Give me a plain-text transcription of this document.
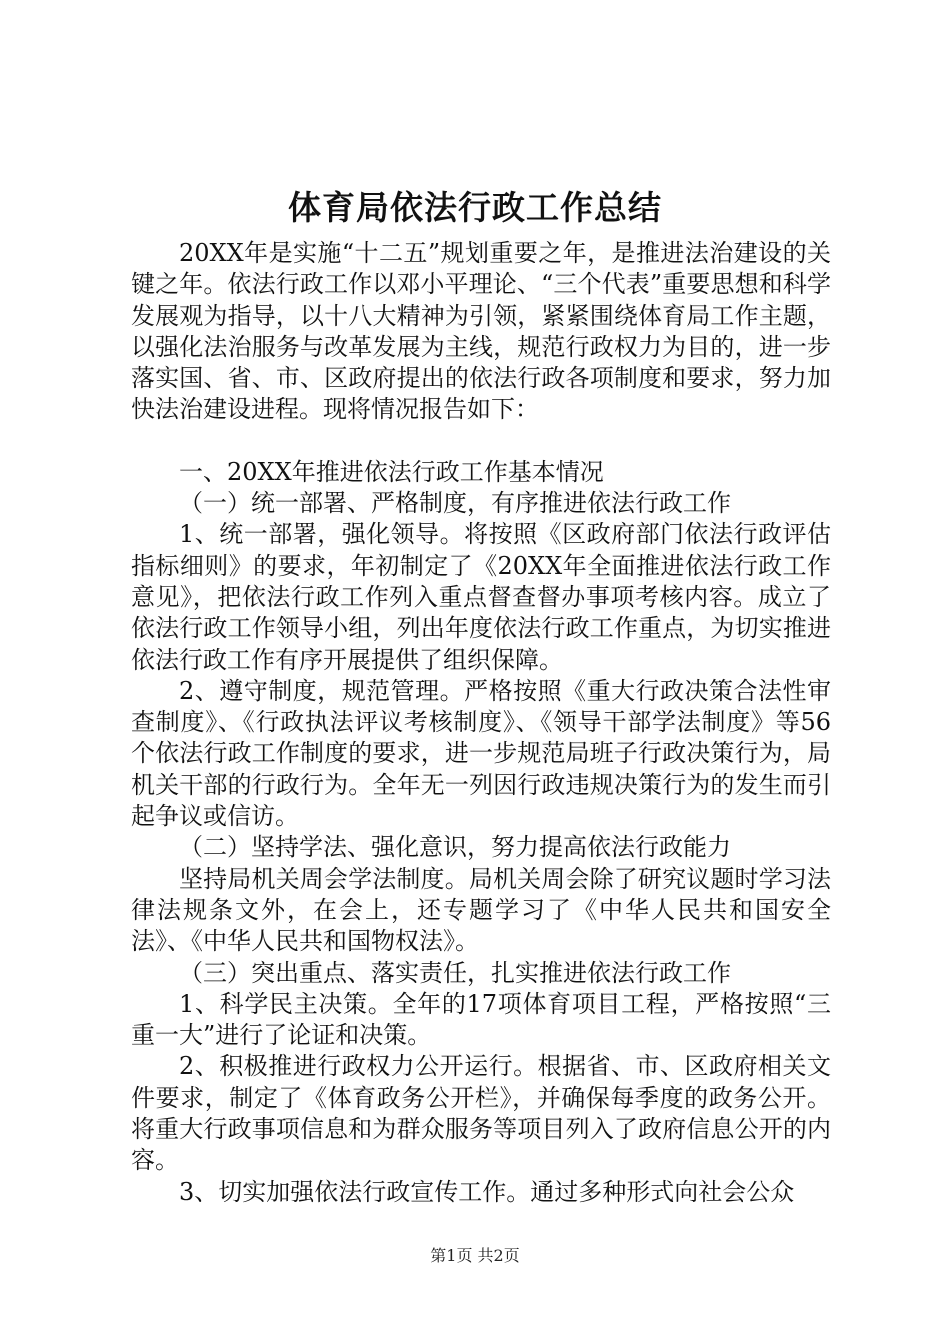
体育局依法行政工作总结

20XX年是实施“十二五”规划重要之年，是推进法治建设的关键之年。依法行政工作以邓小平理论、“三个代表”重要思想和科学发展观为指导，以十八大精神为引领，紧紧围绕体育局工作主题，以强化法治服务与改革发展为主线，规范行政权力为目的，进一步落实国、省、市、区政府提出的依法行政各项制度和要求，努力加快法治建设进程。现将情况报告如下：

一、20XX年推进依法行政工作基本情况

（一）统一部署、严格制度，有序推进依法行政工作

1、统一部署，强化领导。将按照《区政府部门依法行政评估指标细则》的要求，年初制定了《20XX年全面推进依法行政工作意见》，把依法行政工作列入重点督查督办事项考核内容。成立了依法行政工作领导小组，列出年度依法行政工作重点，为切实推进依法行政工作有序开展提供了组织保障。

2、遵守制度，规范管理。严格按照《重大行政决策合法性审查制度》、《行政执法评议考核制度》、《领导干部学法制度》等56个依法行政工作制度的要求，进一步规范局班子行政决策行为，局机关干部的行政行为。全年无一列因行政违规决策行为的发生而引起争议或信访。

（二）坚持学法、强化意识，努力提高依法行政能力

坚持局机关周会学法制度。局机关周会除了研究议题时学习法律法规条文外，在会上，还专题学习了《中华人民共和国安全法》、《中华人民共和国物权法》。

（三）突出重点、落实责任，扎实推进依法行政工作

1、科学民主决策。全年的17项体育项目工程，严格按照“三重一大”进行了论证和决策。

2、积极推进行政权力公开运行。根据省、市、区政府相关文件要求，制定了《体育政务公开栏》，并确保每季度的政务公开。将重大行政事项信息和为群众服务等项目列入了政府信息公开的内容。

3、切实加强依法行政宣传工作。通过多种形式向社会公众

第1页 共2页
